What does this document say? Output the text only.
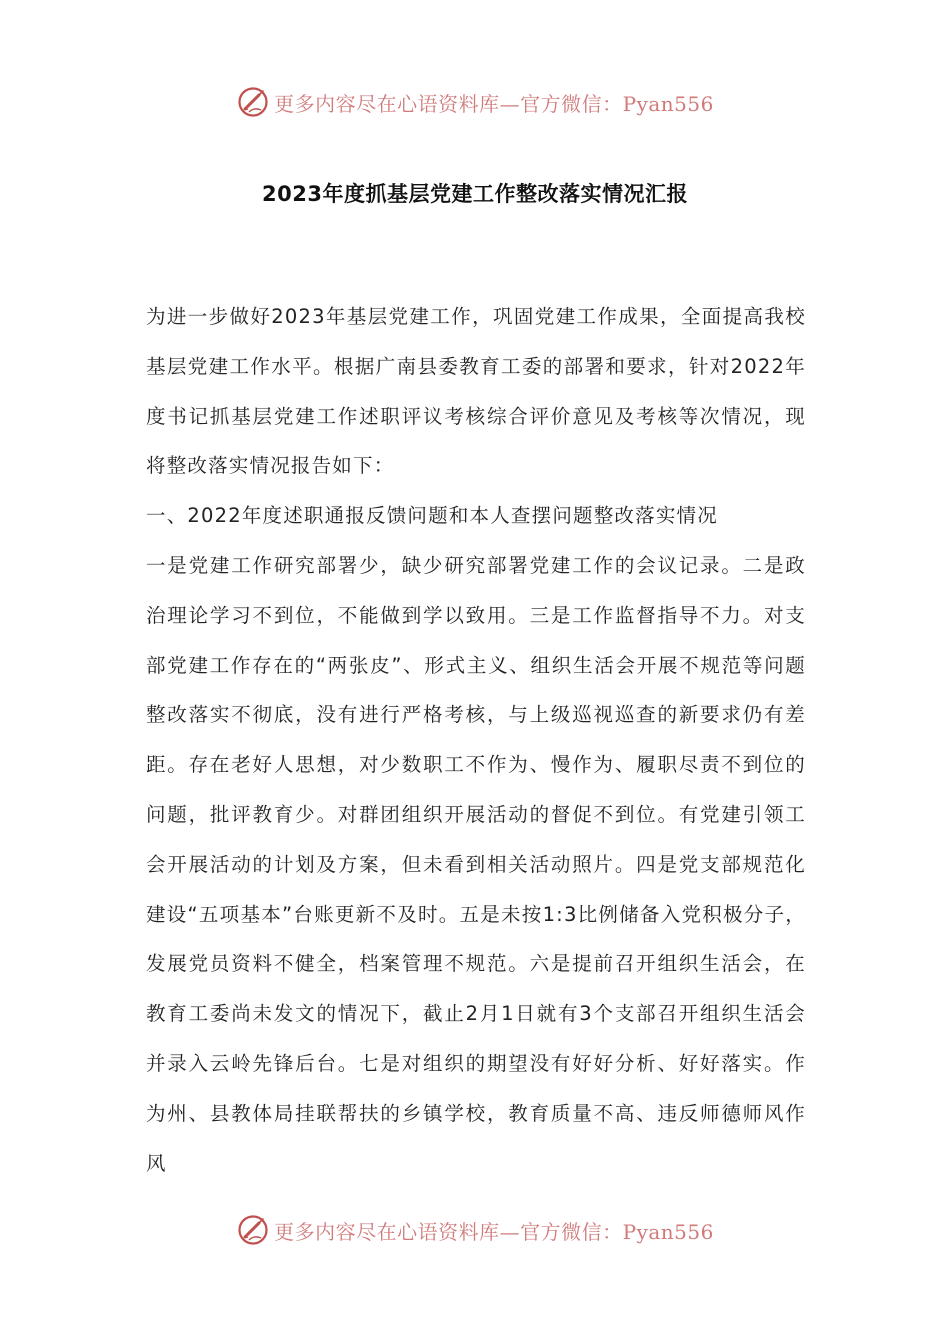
更多内容尽在心语资料库—官方微信：Pyan556
2023年度抓基层党建工作整改落实情况汇报

为进一步做好2023年基层党建工作，巩固党建工作成果，全面提高我校基层党建工作水平。根据广南县委教育工委的部署和要求，针对2022年度书记抓基层党建工作述职评议考核综合评价意见及考核等次情况，现将整改落实情况报告如下：

一、2022年度述职通报反馈问题和本人查摆问题整改落实情况

一是党建工作研究部署少，缺少研究部署党建工作的会议记录。二是政治理论学习不到位，不能做到学以致用。三是工作监督指导不力。对支部党建工作存在的“两张皮”、形式主义、组织生活会开展不规范等问题整改落实不彻底，没有进行严格考核，与上级巡视巡查的新要求仍有差距。存在老好人思想，对少数职工不作为、慢作为、履职尽责不到位的问题，批评教育少。对群团组织开展活动的督促不到位。有党建引领工会开展活动的计划及方案，但未看到相关活动照片。四是党支部规范化建设“五项基本”台账更新不及时。五是未按1:3比例储备入党积极分子，发展党员资料不健全，档案管理不规范。六是提前召开组织生活会，在教育工委尚未发文的情况下，截止2月1日就有3个支部召开组织生活会并录入云岭先锋后台。七是对组织的期望没有好好分析、好好落实。作为州、县教体局挂联帮扶的乡镇学校，教育质量不高、违反师德师风作风

更多内容尽在心语资料库—官方微信：Pyan556
